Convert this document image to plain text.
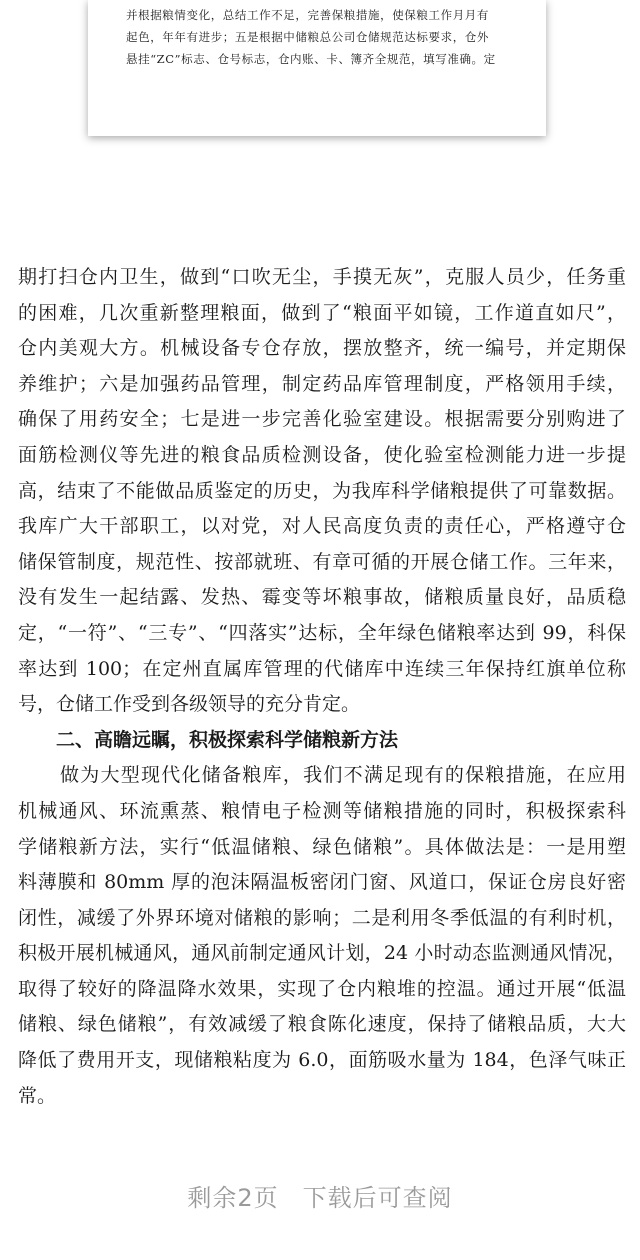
并根据粮情变化，总结工作不足，完善保粮措施，使保粮工作月月有
起色，年年有进步；五是根据中储粮总公司仓储规范达标要求，仓外
悬挂“ZC”标志、仓号标志，仓内账、卡、簿齐全规范，填写准确。定
期打扫仓内卫生，做到“口吹无尘，手摸无灰”，克服人员少，任务重
的困难，几次重新整理粮面，做到了“粮面平如镜，工作道直如尺”，
仓内美观大方。机械设备专仓存放，摆放整齐，统一编号，并定期保
养维护；六是加强药品管理，制定药品库管理制度，严格领用手续，
确保了用药安全；七是进一步完善化验室建设。根据需要分别购进了
面筋检测仪等先进的粮食品质检测设备，使化验室检测能力进一步提
高，结束了不能做品质鉴定的历史，为我库科学储粮提供了可靠数据。
我库广大干部职工，以对党，对人民高度负责的责任心，严格遵守仓
储保管制度，规范性、按部就班、有章可循的开展仓储工作。三年来，
没有发生一起结露、发热、霉变等坏粮事故，储粮质量良好，品质稳
定，“一符”、“三专”、“四落实”达标，全年绿色储粮率达到 99，科保
率达到 100；在定州直属库管理的代储库中连续三年保持红旗单位称
号，仓储工作受到各级领导的充分肯定。
二、高瞻远瞩，积极探索科学储粮新方法
做为大型现代化储备粮库，我们不满足现有的保粮措施，在应用
机械通风、环流熏蒸、粮情电子检测等储粮措施的同时，积极探索科
学储粮新方法，实行“低温储粮、绿色储粮”。具体做法是：一是用塑
料薄膜和 80mm 厚的泡沫隔温板密闭门窗、风道口，保证仓房良好密
闭性，减缓了外界环境对储粮的影响；二是利用冬季低温的有利时机，
积极开展机械通风，通风前制定通风计划，24 小时动态监测通风情况，
取得了较好的降温降水效果，实现了仓内粮堆的控温。通过开展“低温
储粮、绿色储粮”，有效减缓了粮食陈化速度，保持了储粮品质，大大
降低了费用开支，现储粮粘度为 6.0，面筋吸水量为 184，色泽气味正
常。
剩余2页 下载后可查阅
